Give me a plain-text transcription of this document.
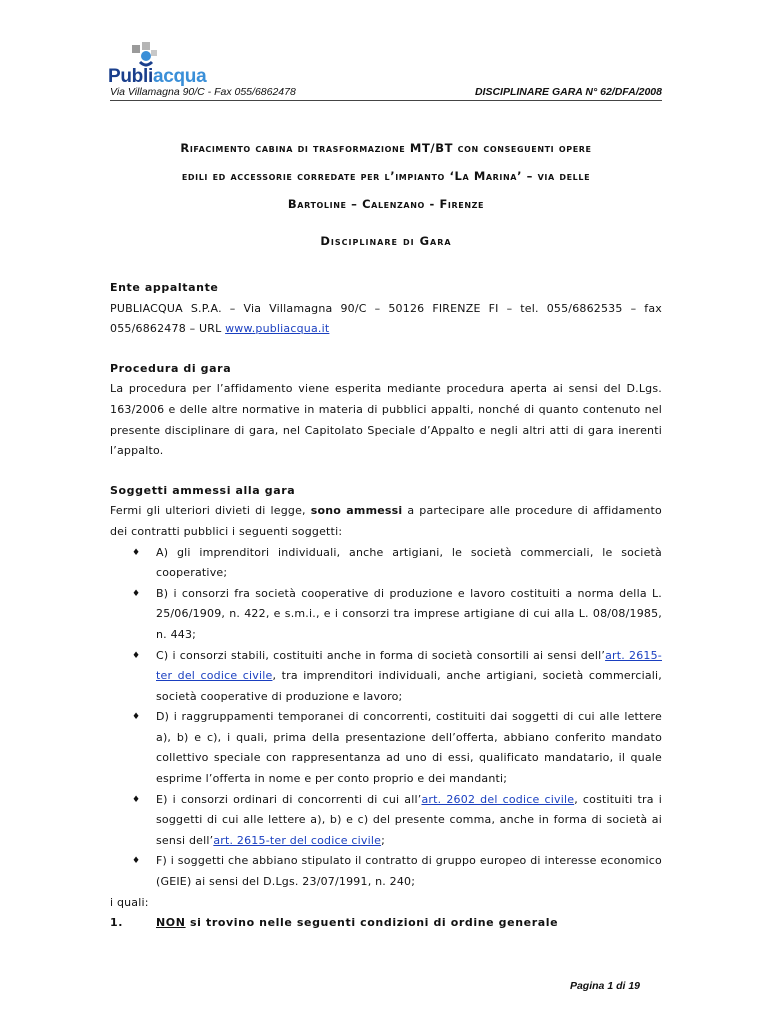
Publiacqua
Via Villamagna 90/C - Fax 055/6862478	DISCIPLINARE GARA N° 62/DFA/2008
Rifacimento cabina di trasformazione MT/BT con conseguenti opere
edili ed accessorie corredate per l’impianto ‘La Marina’ – via delle
Bartoline – Calenzano - Firenze
Disciplinare di Gara
Ente appaltante
PUBLIACQUA S.P.A. – Via Villamagna 90/C – 50126 FIRENZE FI – tel. 055/6862535 – fax 055/6862478 – URL www.publiacqua.it
Procedura di gara
La procedura per l’affidamento viene esperita mediante procedura aperta ai sensi del D.Lgs. 163/2006 e delle altre normative in materia di pubblici appalti, nonché di quanto contenuto nel presente disciplinare di gara, nel Capitolato Speciale d’Appalto e negli altri atti di gara inerenti l’appalto.
Soggetti ammessi alla gara
Fermi gli ulteriori divieti di legge, sono ammessi a partecipare alle procedure di affidamento dei contratti pubblici i seguenti soggetti:
♦ A) gli imprenditori individuali, anche artigiani, le società commerciali, le società cooperative;
♦ B) i consorzi fra società cooperative di produzione e lavoro costituiti a norma della L. 25/06/1909, n. 422, e s.m.i., e i consorzi tra imprese artigiane di cui alla L. 08/08/1985, n. 443;
♦ C) i consorzi stabili, costituiti anche in forma di società consortili ai sensi dell’art. 2615-ter del codice civile, tra imprenditori individuali, anche artigiani, società commerciali, società cooperative di produzione e lavoro;
♦ D) i raggruppamenti temporanei di concorrenti, costituiti dai soggetti di cui alle lettere a), b) e c), i quali, prima della presentazione dell’offerta, abbiano conferito mandato collettivo speciale con rappresentanza ad uno di essi, qualificato mandatario, il quale esprime l’offerta in nome e per conto proprio e dei mandanti;
♦ E) i consorzi ordinari di concorrenti di cui all’art. 2602 del codice civile, costituiti tra i soggetti di cui alle lettere a), b) e c) del presente comma, anche in forma di società ai sensi dell’art. 2615-ter del codice civile;
♦ F) i soggetti che abbiano stipulato il contratto di gruppo europeo di interesse economico (GEIE) ai sensi del D.Lgs. 23/07/1991, n. 240;
i quali:
1.	NON si trovino nelle seguenti condizioni di ordine generale
Pagina 1 di 19
